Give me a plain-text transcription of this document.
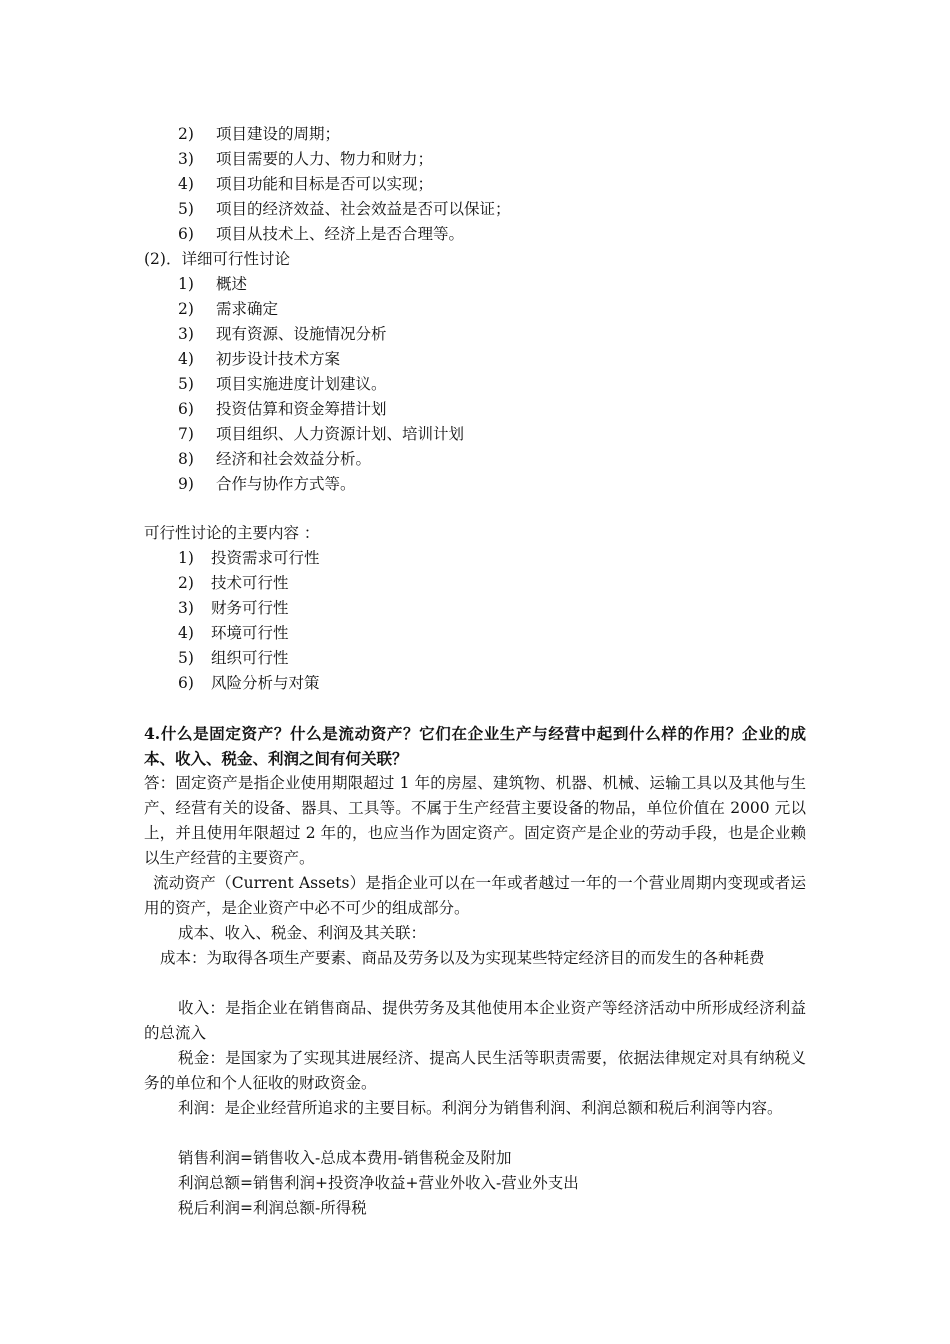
2) 项目建设的周期；
3) 项目需要的人力、物力和财力；
4) 项目功能和目标是否可以实现；
5) 项目的经济效益、社会效益是否可以保证；
6) 项目从技术上、经济上是否合理等。
(2)．详细可行性讨论
1) 概述
2) 需求确定
3) 现有资源、设施情况分析
4) 初步设计技术方案
5) 项目实施进度计划建议。
6) 投资估算和资金筹措计划
7) 项目组织、人力资源计划、培训计划
8) 经济和社会效益分析。
9) 合作与协作方式等。
可行性讨论的主要内容 ：
1) 投资需求可行性
2) 技术可行性
3) 财务可行性
4) 环境可行性
5) 组织可行性
6) 风险分析与对策

4.什么是固定资产？什么是流动资产？它们在企业生产与经营中起到什么样的作用？企业的成本、收入、税金、利润之间有何关联？

答：固定资产是指企业使用期限超过 1 年的房屋、建筑物、机器、机械、运输工具以及其他与生产、经营有关的设备、器具、工具等。不属于生产经营主要设备的物品，单位价值在 2000 元以上，并且使用年限超过 2 年的，也应当作为固定资产。固定资产是企业的劳动手段，也是企业赖以生产经营的主要资产。

流动资产（Current Assets）是指企业可以在一年或者越过一年的一个营业周期内变现或者运用的资产，是企业资产中必不可少的组成部分。

成本、收入、税金、利润及其关联：

成本：为取得各项生产要素、商品及劳务以及为实现某些特定经济目的而发生的各种耗费

收入：是指企业在销售商品、提供劳务及其他使用本企业资产等经济活动中所形成经济利益的总流入

税金：是国家为了实现其进展经济、提高人民生活等职责需要，依据法律规定对具有纳税义务的单位和个人征收的财政资金。

利润：是企业经营所追求的主要目标。利润分为销售利润、利润总额和税后利润等内容。

销售利润=销售收入-总成本费用-销售税金及附加
利润总额=销售利润+投资净收益+营业外收入-营业外支出
税后利润=利润总额-所得税
